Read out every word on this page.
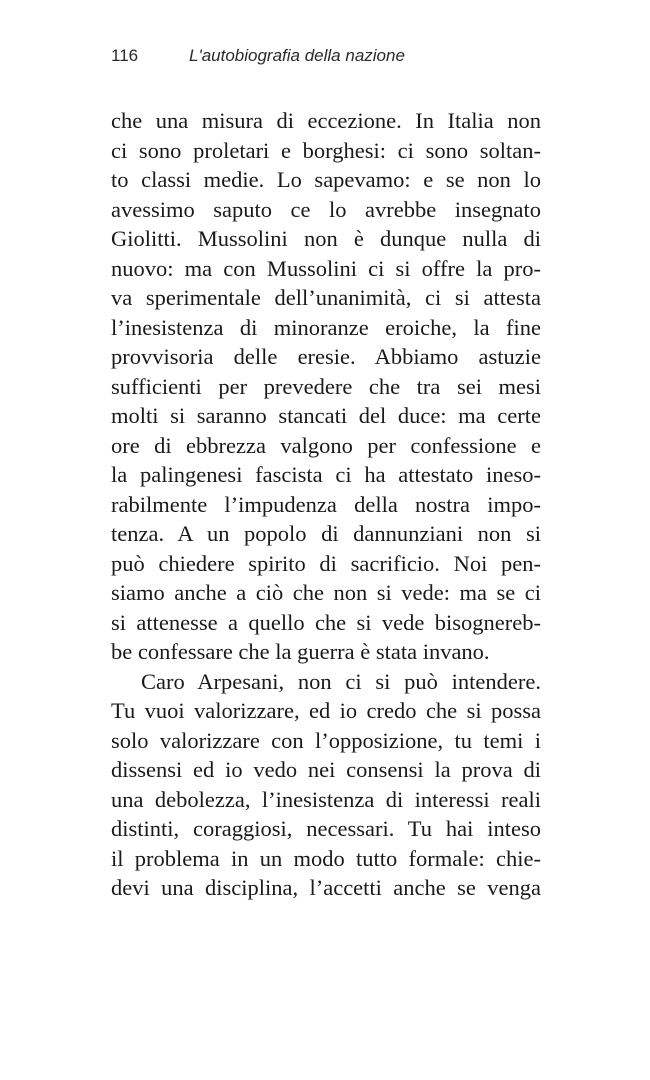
116	L'autobiografia della nazione
che una misura di eccezione. In Italia non
ci sono proletari e borghesi: ci sono soltan-
to classi medie. Lo sapevamo: e se non lo
avessimo saputo ce lo avrebbe insegnato
Giolitti. Mussolini non è dunque nulla di
nuovo: ma con Mussolini ci si offre la pro-
va sperimentale dell’unanimità, ci si attesta
l’inesistenza di minoranze eroiche, la fine
provvisoria delle eresie. Abbiamo astuzie
sufficienti per prevedere che tra sei mesi
molti si saranno stancati del duce: ma certe
ore di ebbrezza valgono per confessione e
la palingenesi fascista ci ha attestato ineso-
rabilmente l’impudenza della nostra impo-
tenza. A un popolo di dannunziani non si
può chiedere spirito di sacrificio. Noi pen-
siamo anche a ciò che non si vede: ma se ci
si attenesse a quello che si vede bisognereb-
be confessare che la guerra è stata invano.
Caro Arpesani, non ci si può intendere.
Tu vuoi valorizzare, ed io credo che si possa
solo valorizzare con l’opposizione, tu temi i
dissensi ed io vedo nei consensi la prova di
una debolezza, l’inesistenza di interessi reali
distinti, coraggiosi, necessari. Tu hai inteso
il problema in un modo tutto formale: chie-
devi una disciplina, l’accetti anche se venga
